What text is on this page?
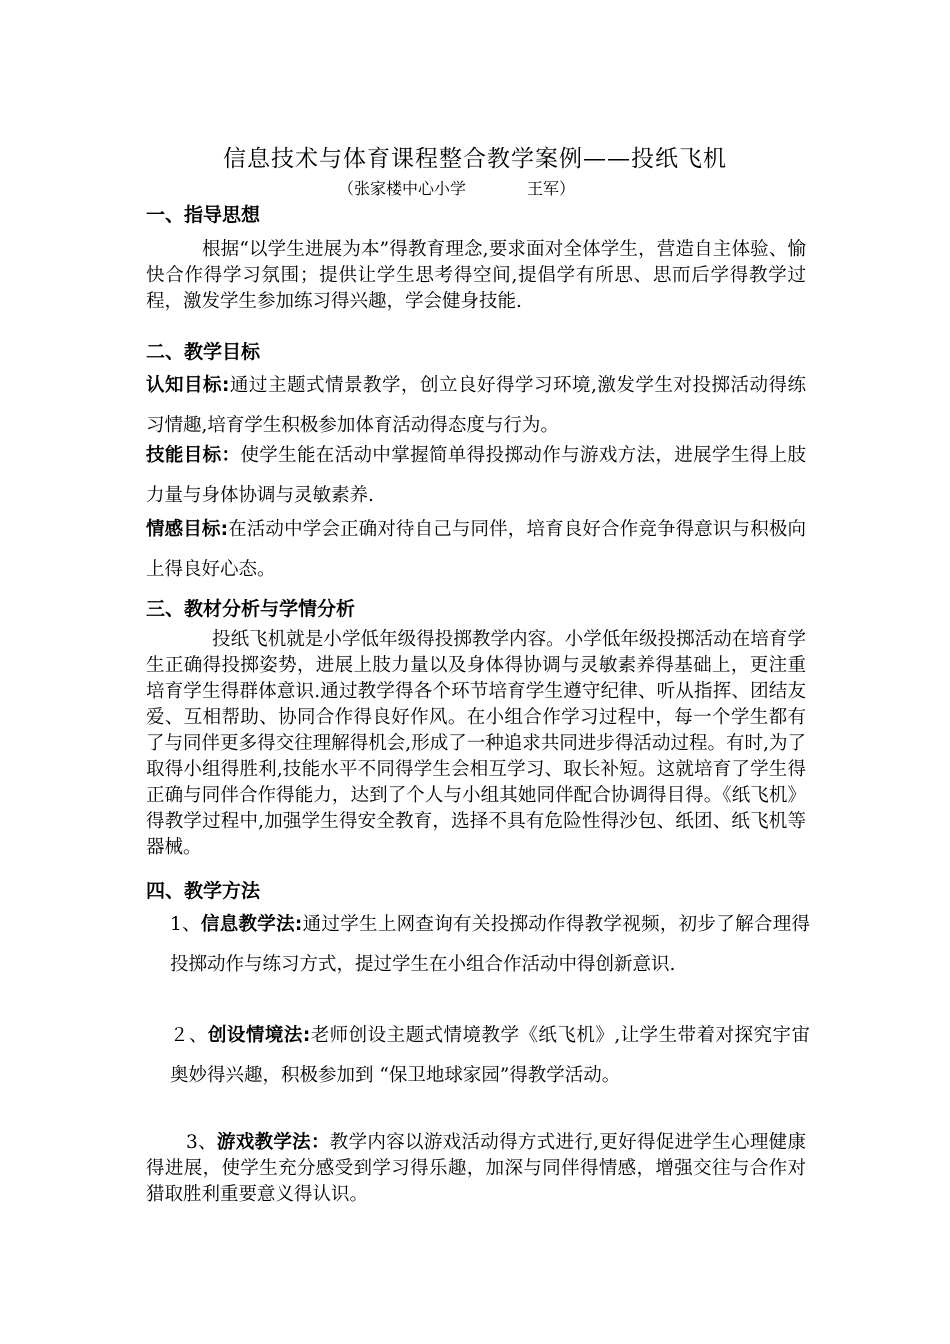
信息技术与体育课程整合教学案例——投纸飞机
（张家楼中心小学            王军）
一、指导思想
根据“以学生进展为本”得教育理念,要求面对全体学生，营造自主体验、愉快合作得学习氛围；提供让学生思考得空间,提倡学有所思、思而后学得教学过程，激发学生参加练习得兴趣，学会健身技能.
二、教学目标
认知目标:通过主题式情景教学，创立良好得学习环境,激发学生对投掷活动得练习情趣,培育学生积极参加体育活动得态度与行为。
技能目标：使学生能在活动中掌握简单得投掷动作与游戏方法，进展学生得上肢力量与身体协调与灵敏素养.
情感目标:在活动中学会正确对待自己与同伴，培育良好合作竞争得意识与积极向上得良好心态。
三、教材分析与学情分析
投纸飞机就是小学低年级得投掷教学内容。小学低年级投掷活动在培育学生正确得投掷姿势，进展上肢力量以及身体得协调与灵敏素养得基础上，更注重培育学生得群体意识.通过教学得各个环节培育学生遵守纪律、听从指挥、团结友爱、互相帮助、协同合作得良好作风。在小组合作学习过程中，每一个学生都有了与同伴更多得交往理解得机会,形成了一种追求共同进步得活动过程。有时,为了取得小组得胜利,技能水平不同得学生会相互学习、取长补短。这就培育了学生得正确与同伴合作得能力，达到了个人与小组其她同伴配合协调得目得。《纸飞机》得教学过程中,加强学生得安全教育，选择不具有危险性得沙包、纸团、纸飞机等器械。
四、教学方法
1、信息教学法:通过学生上网查询有关投掷动作得教学视频，初步了解合理得投掷动作与练习方式，提过学生在小组合作活动中得创新意识.
２、创设情境法:老师创设主题式情境教学《纸飞机》,让学生带着对探究宇宙奥妙得兴趣，积极参加到 “保卫地球家园”得教学活动。
3、游戏教学法：教学内容以游戏活动得方式进行,更好得促进学生心理健康得进展，使学生充分感受到学习得乐趣，加深与同伴得情感，增强交往与合作对猎取胜利重要意义得认识。
